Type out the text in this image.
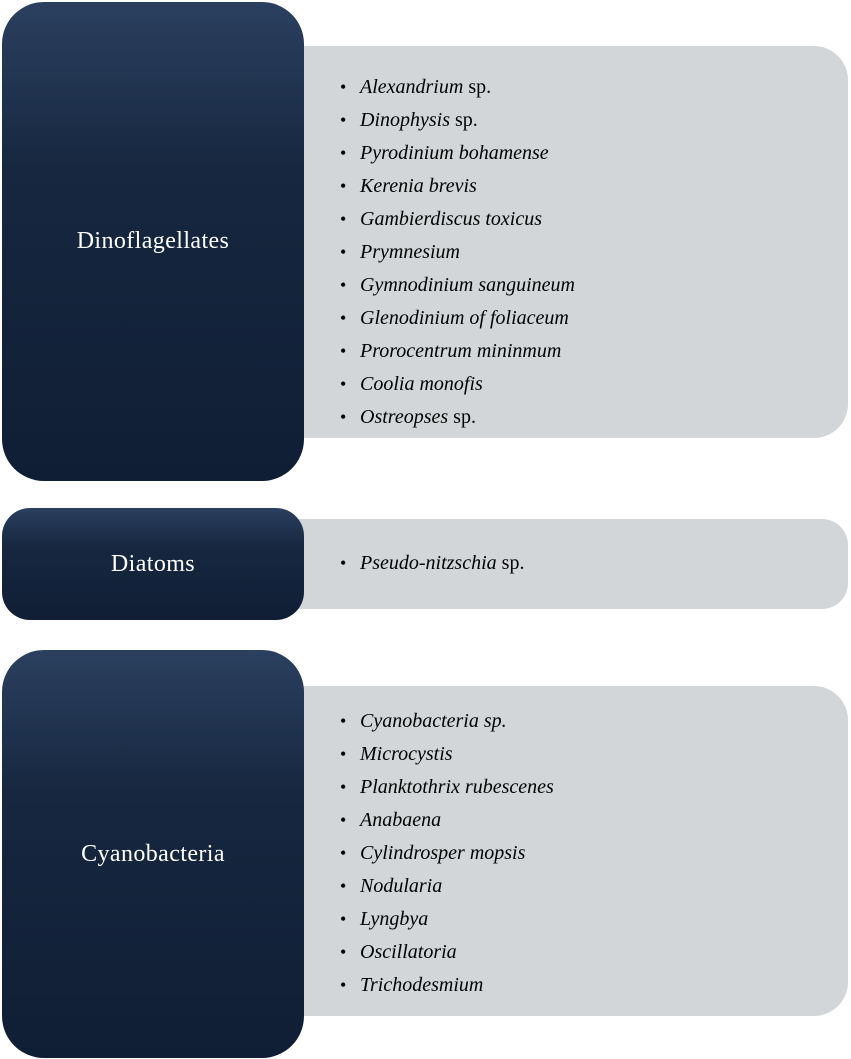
• Alexandrium sp.
• Dinophysis sp.
• Pyrodinium bohamense
• Kerenia brevis
• Gambierdiscus toxicus
• Prymnesium
• Gymnodinium sanguineum
• Glenodinium of foliaceum
• Prorocentrum mininmum
• Coolia monofis
• Ostreopses sp.
Dinoflagellates
• Pseudo-nitzschia sp.
Diatoms
• Cyanobacteria sp.
• Microcystis
• Planktothrix rubescenes
• Anabaena
• Cylindrosper mopsis
• Nodularia
• Lyngbya
• Oscillatoria
• Trichodesmium
Cyanobacteria
